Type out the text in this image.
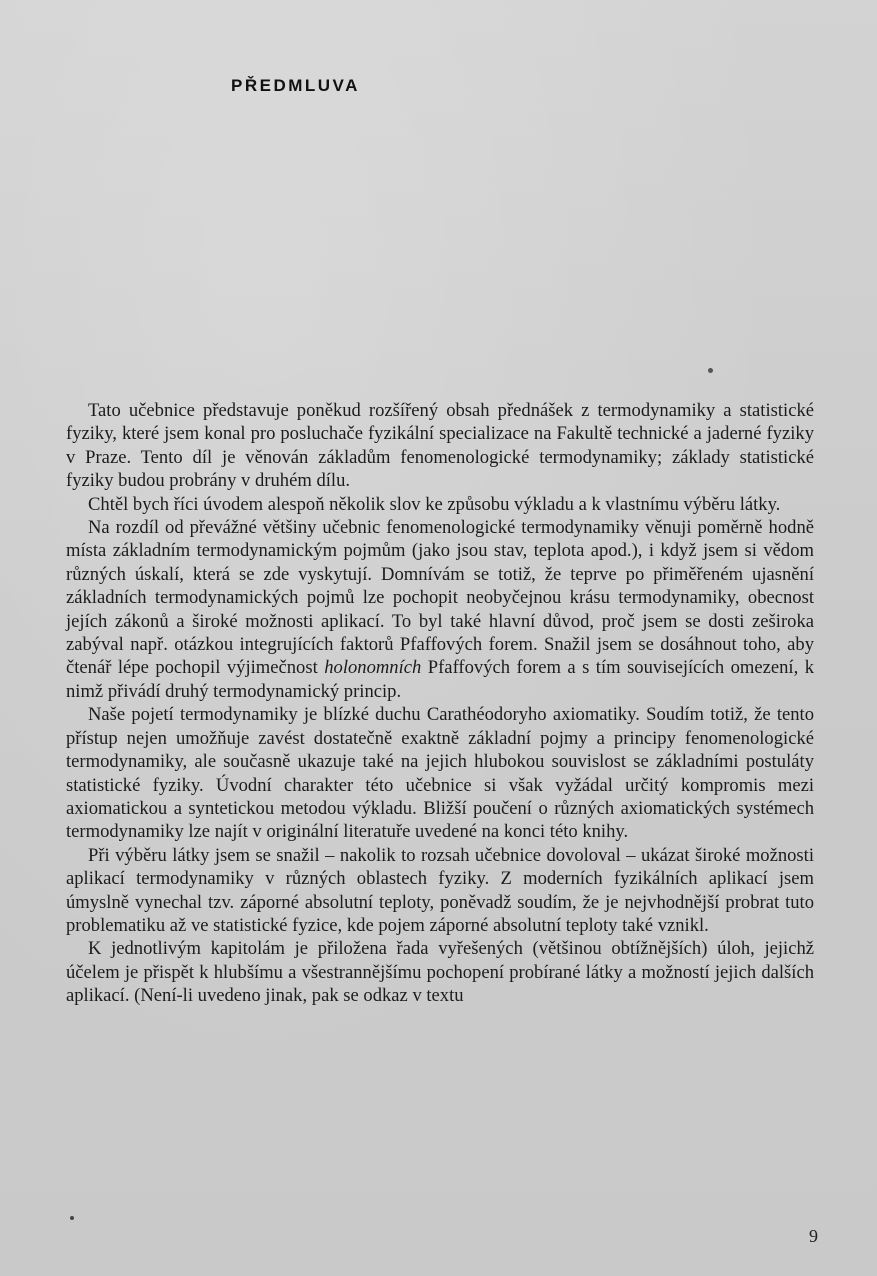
PŘEDMLUVA

Tato učebnice představuje poněkud rozšířený obsah přednášek z termodynamiky a statistické fyziky, které jsem konal pro posluchače fyzikální specializace na Fakultě technické a jaderné fyziky v Praze. Tento díl je věnován základům fenomenologické termodynamiky; základy statistické fyziky budou probrány v druhém dílu.

Chtěl bych říci úvodem alespoň několik slov ke způsobu výkladu a k vlastnímu výběru látky.

Na rozdíl od převážné většiny učebnic fenomenologické termodynamiky věnuji poměrně hodně místa základním termodynamickým pojmům (jako jsou stav, teplota apod.), i když jsem si vědom různých úskalí, která se zde vyskytují. Domnívám se totiž, že teprve po přiměřeném ujasnění základních termodynamických pojmů lze pochopit neobyčejnou krásu termodynamiky, obecnost jejích zákonů a široké možnosti aplikací. To byl také hlavní důvod, proč jsem se dosti zeširoka zabýval např. otázkou integrujících faktorů Pfaffových forem. Snažil jsem se dosáhnout toho, aby čtenář lépe pochopil výjimečnost holonomních Pfaffových forem a s tím souvisejících omezení, k nimž přivádí druhý termodynamický princip.

Naše pojetí termodynamiky je blízké duchu Carathéodoryho axiomatiky. Soudím totiž, že tento přístup nejen umožňuje zavést dostatečně exaktně základní pojmy a principy fenomenologické termodynamiky, ale současně ukazuje také na jejich hlubokou souvislost se základními postuláty statistické fyziky. Úvodní charakter této učebnice si však vyžádal určitý kompromis mezi axiomatickou a syntetickou metodou výkladu. Bližší poučení o různých axiomatických systémech termodynamiky lze najít v originální literatuře uvedené na konci této knihy.

Při výběru látky jsem se snažil – nakolik to rozsah učebnice dovoloval – ukázat široké možnosti aplikací termodynamiky v různých oblastech fyziky. Z moderních fyzikálních aplikací jsem úmyslně vynechal tzv. záporné absolutní teploty, poněvadž soudím, že je nejvhodnější probrat tuto problematiku až ve statistické fyzice, kde pojem záporné absolutní teploty také vznikl.

K jednotlivým kapitolám je přiložena řada vyřešených (většinou obtížnějších) úloh, jejichž účelem je přispět k hlubšímu a všestrannějšímu pochopení probírané látky a možností jejich dalších aplikací. (Není-li uvedeno jinak, pak se odkaz v textu

9
